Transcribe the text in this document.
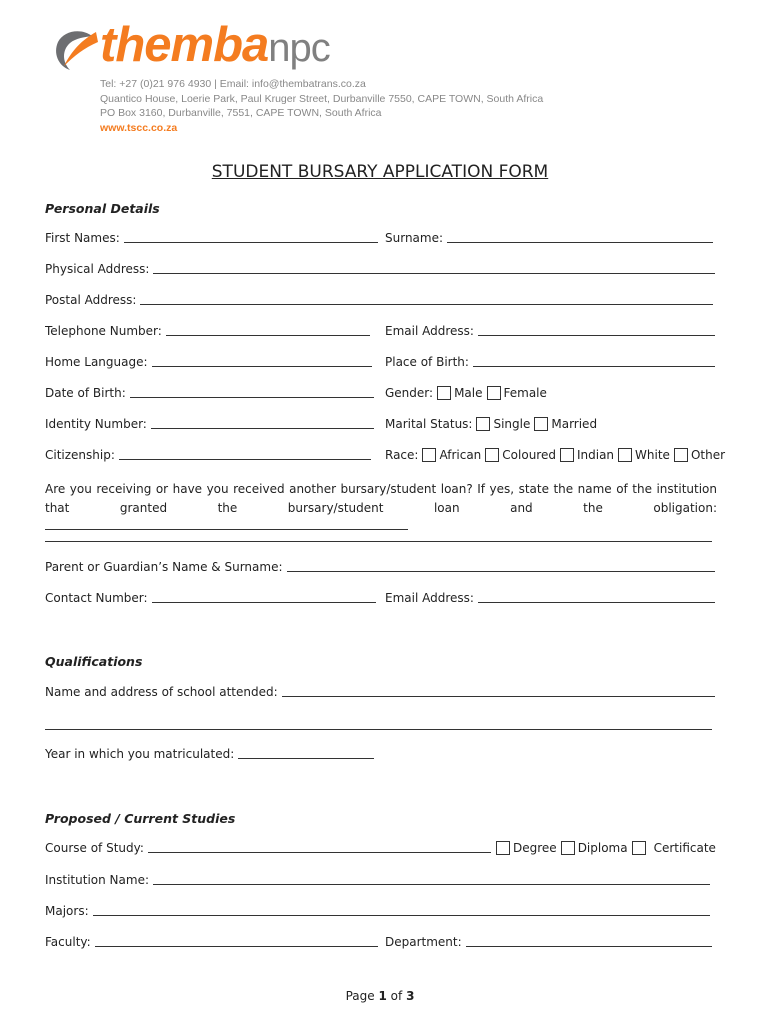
thembanpc
Tel: +27 (0)21 976 4930 | Email: info@thembatrans.co.za
Quantico House, Loerie Park, Paul Kruger Street, Durbanville 7550, CAPE TOWN, South Africa
PO Box 3160, Durbanville, 7551, CAPE TOWN, South Africa
www.tscc.co.za
STUDENT BURSARY APPLICATION FORM
Personal Details
First Names:	Surname:
Physical Address:
Postal Address:
Telephone Number:	Email Address:
Home Language:	Place of Birth:
Date of Birth:	Gender: Male Female
Identity Number:	Marital Status: Single Married
Citizenship:	Race: African Coloured Indian White Other
Are you receiving or have you received another bursary/student loan? If yes, state the name of the institution that granted the bursary/student loan and the obligation:
Parent or Guardian’s Name & Surname:
Contact Number:	Email Address:
Qualifications
Name and address of school attended:
Year in which you matriculated:
Proposed / Current Studies
Course of Study:	Degree Diploma Certificate
Institution Name:
Majors:
Faculty:	Department:
Page 1 of 3
